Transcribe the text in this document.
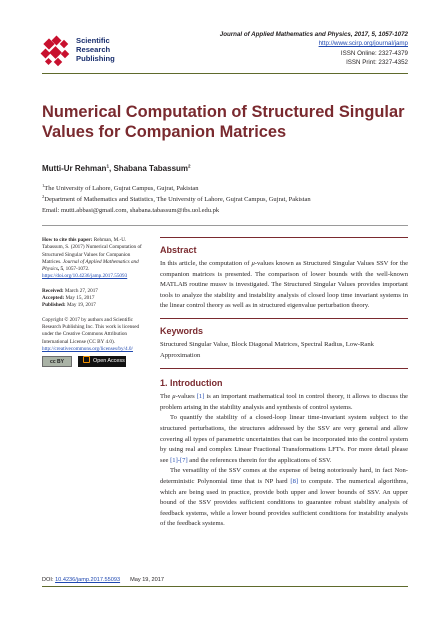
Scientific
Research
Publishing
Journal of Applied Mathematics and Physics, 2017, 5, 1057-1072
http://www.scirp.org/journal/jamp
ISSN Online: 2327-4379
ISSN Print: 2327-4352
Numerical Computation of Structured Singular Values for Companion Matrices
Mutti-Ur Rehman$^1$, Shabana Tabassum$^2$
$^1$The University of Lahore, Gujrat Campus, Gujrat, Pakistan
$^2$Department of Mathematics and Statistics, The University of Lahore, Gujrat Campus, Gujrat, Pakistan
Email: mutti.abbasi@gmail.com, shabana.tabassum@ibs.uol.edu.pk
How to cite this paper: Rehman, M.-U. Tabassum, S. (2017) Numerical Computation of Structured Singular Values for Companion Matrices. Journal of Applied Mathematics and Physics, 5, 1057-1072.
https://doi.org/10.4236/jamp.2017.55093
Received: March 27, 2017
Accepted: May 15, 2017
Published: May 19, 2017
Copyright © 2017 by authors and Scientific Research Publishing Inc. This work is licensed under the Creative Commons Attribution International License (CC BY 4.0).
http://creativecommons.org/licenses/by/4.0/
cc BY	Open Access
Abstract

In this article, the computation of μ-values known as Structured Singular Values SSV for the companion matrices is presented. The comparison of lower bounds with the well-known MATLAB routine mussv is investigated. The Structured Singular Values provides important tools to analyze the stability and instability analysis of closed loop time invariant systems in the linear control theory as well as in structured eigenvalue perturbation theory.

Keywords
Structured Singular Value, Block Diagonal Matrices, Spectral Radius, Low-Rank Approximation
1. Introduction

The μ-values [1] is an important mathematical tool in control theory, it allows to discuss the problem arising in the stability analysis and synthesis of control systems.

To quantify the stability of a closed-loop linear time-invariant system subject to the structured perturbations, the structures addressed by the SSV are very general and allow covering all types of parametric uncertainties that can be incorporated into the control system by using real and complex Linear Fractional Transformations LFT's. For more detail please see [1]-[7] and the references therein for the applications of SSV.

The versatility of the SSV comes at the expense of being notoriously hard, in fact Non-deterministic Polynomial time that is NP hard [8] to compute. The numerical algorithms, which are being used in practice, provide both upper and lower bounds of SSV. An upper bound of the SSV provides sufficient conditions to guarantee robust stability analysis of feedback systems, while a lower bound provides sufficient conditions for instability analysis of the feedback systems.

DOI: 10.4236/jamp.2017.55093 May 19, 2017
